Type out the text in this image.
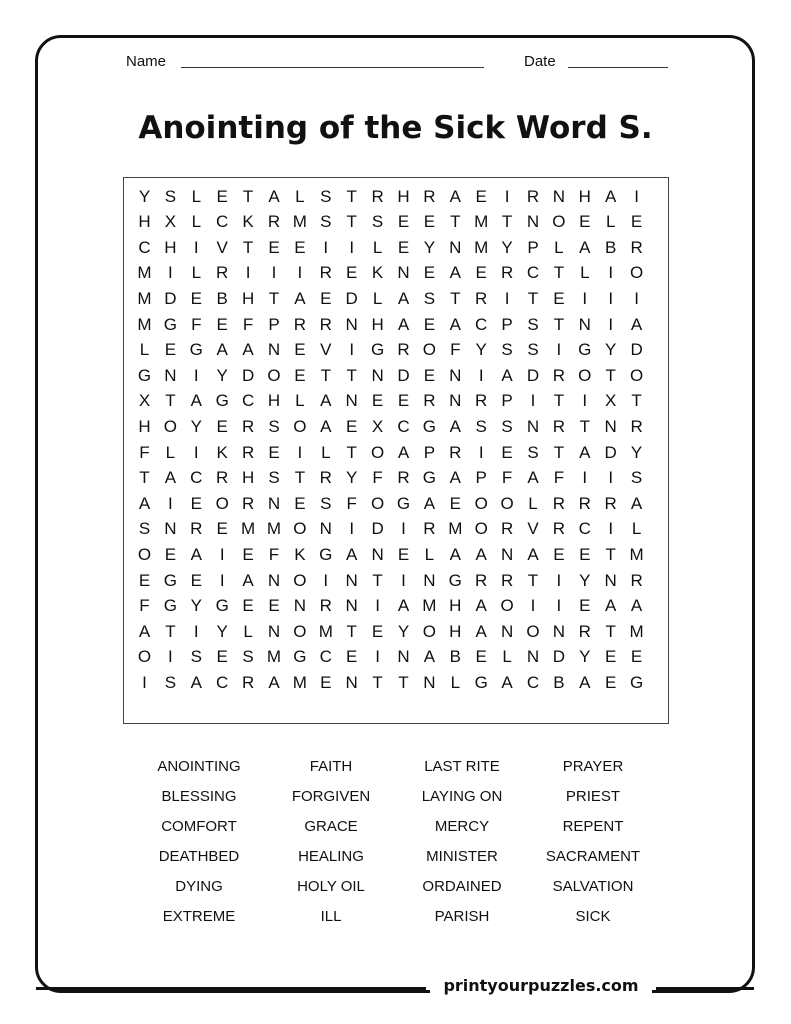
Name	Date
Anointing of the Sick Word S.
Y S L E T A L S T R H R A E	I	R N H A	I
H X L C K R M S T S E E T M T N O E L E
C H	I	V T E E	I	I	L E Y N M Y P L A B R
M I	L R	I	I	I	R E K N E A E R C T L	I O
M D E B H T A E D L A S T R	I	T E	I	I	I
M G F E F P R R N H A E A C P S T N	I	A
L E G A A N E V	I G R O F Y S S	I G Y D
G N	I	Y D O E T T N D E N	I	A D R O T O
X T A G C H L A N E E R N R P	I	T	I	X T
H O Y E R S O A E X C G A S S N R T N R
F L	I	K R E	I	L T O A P R	I	E S T A D Y
T A C R H S T R Y F R G A P F A F	I	I	S
A	I	E O R N E S F O G A E O O L R R R A
S N R E M M O N	I	D	I	R M O R V R C	I	L
O E A	I	E F K G A N E L A A N A E E T M
E G E	I	A N O I	N T	I	N G R R T	I	Y N R
F G Y G E E N R N	I	A M H A O I	I	E A A
A T	I	Y L N O M T E Y O H A N O N R T M
O I	S E S M G C E	I	N A B E L N D Y E E
I	S A C R A M E N T T N L G A C B A E G
ANOINTING	FAITH	LAST RITE	PRAYER
BLESSING	FORGIVEN	LAYING ON	PRIEST
COMFORT	GRACE	MERCY	REPENT
DEATHBED	HEALING	MINISTER	SACRAMENT
DYING	HOLY OIL	ORDAINED	SALVATION
EXTREME	ILL	PARISH	SICK
printyourpuzzles.com
